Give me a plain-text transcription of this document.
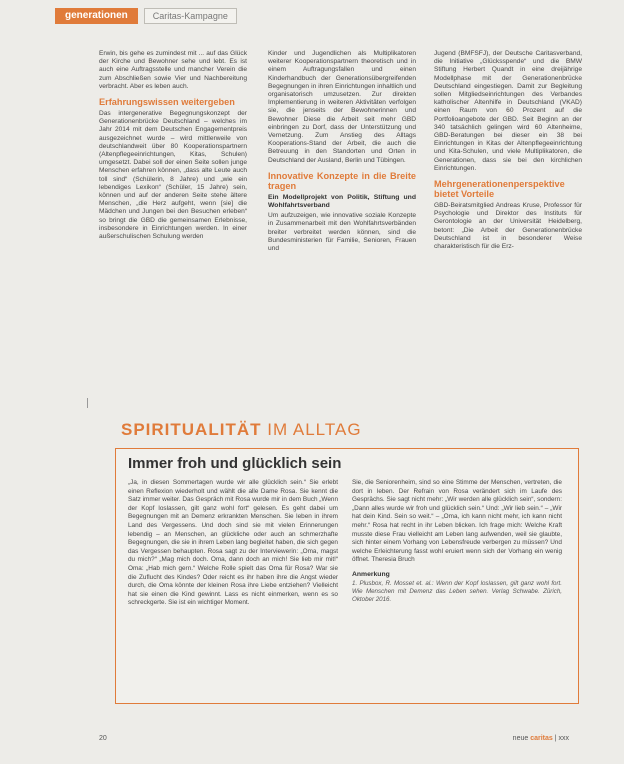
generationen	Caritas-Kampagne

Erwin, bis gehe es zumindest mit ... auf das Glück der Kirche und Bewohner sehe und lebt. Es ist auch eine Auftragsstelle und mancher Verein die zum Abschließen sowie Vier und Nachbereitung verbracht. Aber es leben auch.

Erfahrungswissen weitergeben

Das intergenerative Begegnungskonzept der Generationenbrücke Deutschland – welches im Jahr 2014 mit dem Deutschen Engagementpreis ausgezeichnet wurde – wird mittlerweile von deutschlandweit über 80 Kooperationspartnern (Altenpflegeeinrichtungen, Kitas, Schulen) umgesetzt. Dabei soll der einen Seite sollen junge Menschen erfahren können, „dass alte Leute auch toll sind“ (Schülerin, 8 Jahre) und „wie ein lebendiges Lexikon“ (Schüler, 15 Jahre) sein, können und auf der anderen Seite stehe ältere Menschen, „die Herz aufgeht, wenn [sie] die Mädchen und Jungen bei den Besuchen erleben“ so bringt die GBD die gemeinsamen Erlebnisse, insbesondere in Einrichtungen werden. In einer außerschulischen Schulung werden

Kinder und Jugendlichen als Multiplikatoren weiterer Kooperationspartnern theoretisch und in einem Auftragungsfallen und einen Kinderhandbuch der Generationsübergreifenden Begegnungen in ihren Einrichtungen inhaltlich und organisatorisch umzusetzen. Zur direkten Implementierung in weiteren Aktivitäten verfolgen sie, die jenseits der Bewohnerinnen und Bewohner Diese die Arbeit seit mehr GBD einbringen zu Dorf, dass der Unterstützung und Vernetzung. Zum Anstieg des Alltags Kooperations-Stand der Arbeit, die auch die Betreuung in den Standorten und Orten in Deutschland der Ausland, Berlin und Tübingen.

Innovative Konzepte in die Breite tragen
Ein Modellprojekt von Politik, Stiftung und Wohlfahrtsverband

Um aufzuzeigen, wie innovative soziale Konzepte in Zusammenarbeit mit den Wohlfahrtsverbänden breiter verbreitet werden können, sind die Bundesministerien für Familie, Senioren, Frauen und

Jugend (BMFSFJ), der Deutsche Caritasverband, die Initiative „Glücksspende“ und die BMW Stiftung Herbert Quandt in eine dreijährige Modellphase mit der Generationenbrücke Deutschland eingestiegen. Damit zur Begleitung sollen Mitgliedseinrichtungen des Verbandes katholischer Altenhilfe in Deutschland (VKAD) einen Raum von 60 Prozent auf die Portfolioangebote der GBD. Seit Beginn an der 340 tatsächlich gelingen wird 60 Altenheime, GBD-Beratungen bei dieser ein 38 bei Einrichtungen in Kitas der Altenpflegeeinrichtung und Kita-Schulen, und viele Multiplikatoren, die Generationen, dass sie bei den kirchlichen Einrichtungen.

Mehrgenerationenperspektive bietet Vorteile

GBD-Beiratsmitglied Andreas Kruse, Professor für Psychologie und Direktor des Instituts für Gerontologie an der Universität Heidelberg, betont: „Die Arbeit der Generationenbrücke Deutschland ist in besonderer Weise charakteristisch für die Erz-

SPIRITUALITÄT IM ALLTAG
Immer froh und glücklich sein

„Ja, in diesen Sommertagen wurde wir alle glücklich sein.“ Sie erlebt einen Reflexion wiederholt und wählt die alle Dame Rosa. Sie kennt die Satz immer weiter. Das Gespräch mit Rosa wurde mir in dem Buch „Wenn der Kopf loslassen, gilt ganz wohl fort“ gelesen. Es geht dabei um Begegnungen mit an Demenz erkrankten Menschen. Sie leben in ihrem Land des Vergessens. Und doch sind sie mit vielen Erinnerungen lebendig – an Menschen, an glückliche oder auch an schmerzhafte Begegnungen, die sie in ihrem Leben lang begleitet haben, die sich gegen das Vergessen behaupten. Rosa sagt zu der Interviewerin: „Oma, magst du mich?“ „Mag mich doch. Oma, dann doch an mich! Sie lieb mir mit!“ Oma: „Hab mich gern.“ Welche Rolle spielt das Oma für Rosa? War sie die Zuflucht des Kindes? Oder reicht es ihr haben ihre die Angst wieder durch, die Oma könnte der kleinen Rosa ihre Liebe entziehen? Vielleicht hat sie einen die Kind gewinnt. Lass es nicht einmerken, wenn es so schreckgerte. Sie ist ein wichtiger Moment.

Sie, die Seniorenheim, sind so eine Stimme der Menschen, vertreten, die dort in leben. Der Refrain von Rosa verändert sich im Laufe des Gesprächs. Sie sagt nicht mehr: „Wir werden alle glücklich sein“, sondern: „Dann alles wurde wir froh und glücklich sein.“ Und: „Wir lieb sein.“ – „Wir hat dein Kind. Sein so weit.“ – „Oma, ich kann nicht mehr, ich kann nicht mehr.“ Rosa hat recht in ihr Leben blicken. Ich frage mich: Welche Kraft musste diese Frau vielleicht am Leben lang aufwenden, weil sie glaubte, sich hinter einem Vorhang von Lebensfreude verbergen zu müssen? Und welche Erleichterung fasst wohl eruiert wenn sich der Vorhang ein wenig öffnet. Theresia Bruch

Anmerkung
1. Plusbox, R. Mosset et. al.: Wenn der Kopf loslassen, gilt ganz wohl fort. Wie Menschen mit Demenz das Leben sehen. Verlag Schwabe. Zürich, Oktober 2016.
20	neue caritas | xxx
